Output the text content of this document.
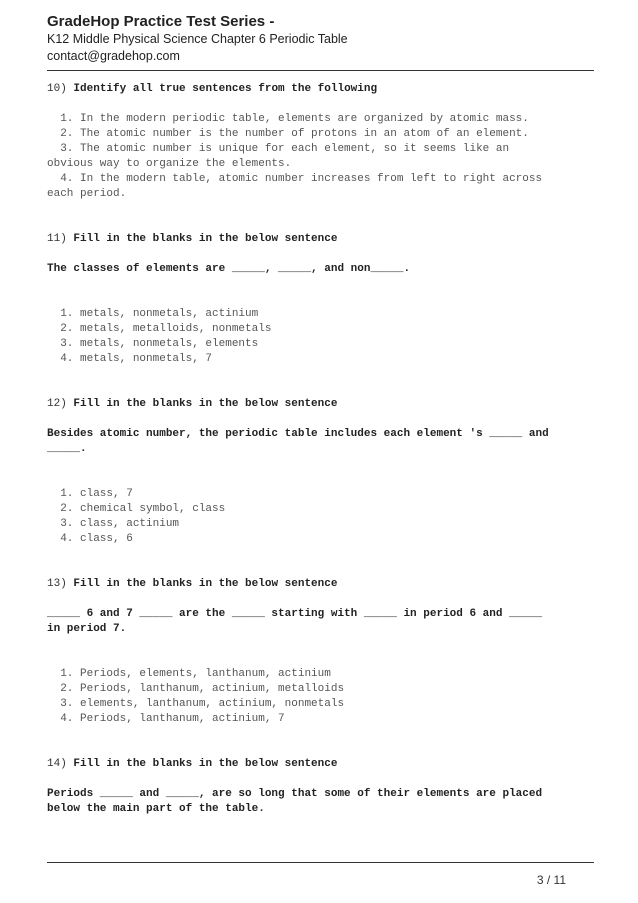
GradeHop Practice Test Series -
K12 Middle Physical Science Chapter 6 Periodic Table
contact@gradehop.com
10) Identify all true sentences from the following
1. In the modern periodic table, elements are organized by atomic mass.
2. The atomic number is the number of protons in an atom of an element.
3. The atomic number is unique for each element, so it seems like an
obvious way to organize the elements.
4. In the modern table, atomic number increases from left to right across
each period.
11) Fill in the blanks in the below sentence
The classes of elements are _____, _____, and non_____.
1. metals, nonmetals, actinium
2. metals, metalloids, nonmetals
3. metals, nonmetals, elements
4. metals, nonmetals, 7
12) Fill in the blanks in the below sentence
Besides atomic number, the periodic table includes each element 's _____ and
_____.
1. class, 7
2. chemical symbol, class
3. class, actinium
4. class, 6
13) Fill in the blanks in the below sentence
_____ 6 and 7 _____ are the _____ starting with _____ in period 6 and _____
in period 7.
1. Periods, elements, lanthanum, actinium
2. Periods, lanthanum, actinium, metalloids
3. elements, lanthanum, actinium, nonmetals
4. Periods, lanthanum, actinium, 7
14) Fill in the blanks in the below sentence
Periods _____ and _____, are so long that some of their elements are placed
below the main part of the table.
3 / 11
